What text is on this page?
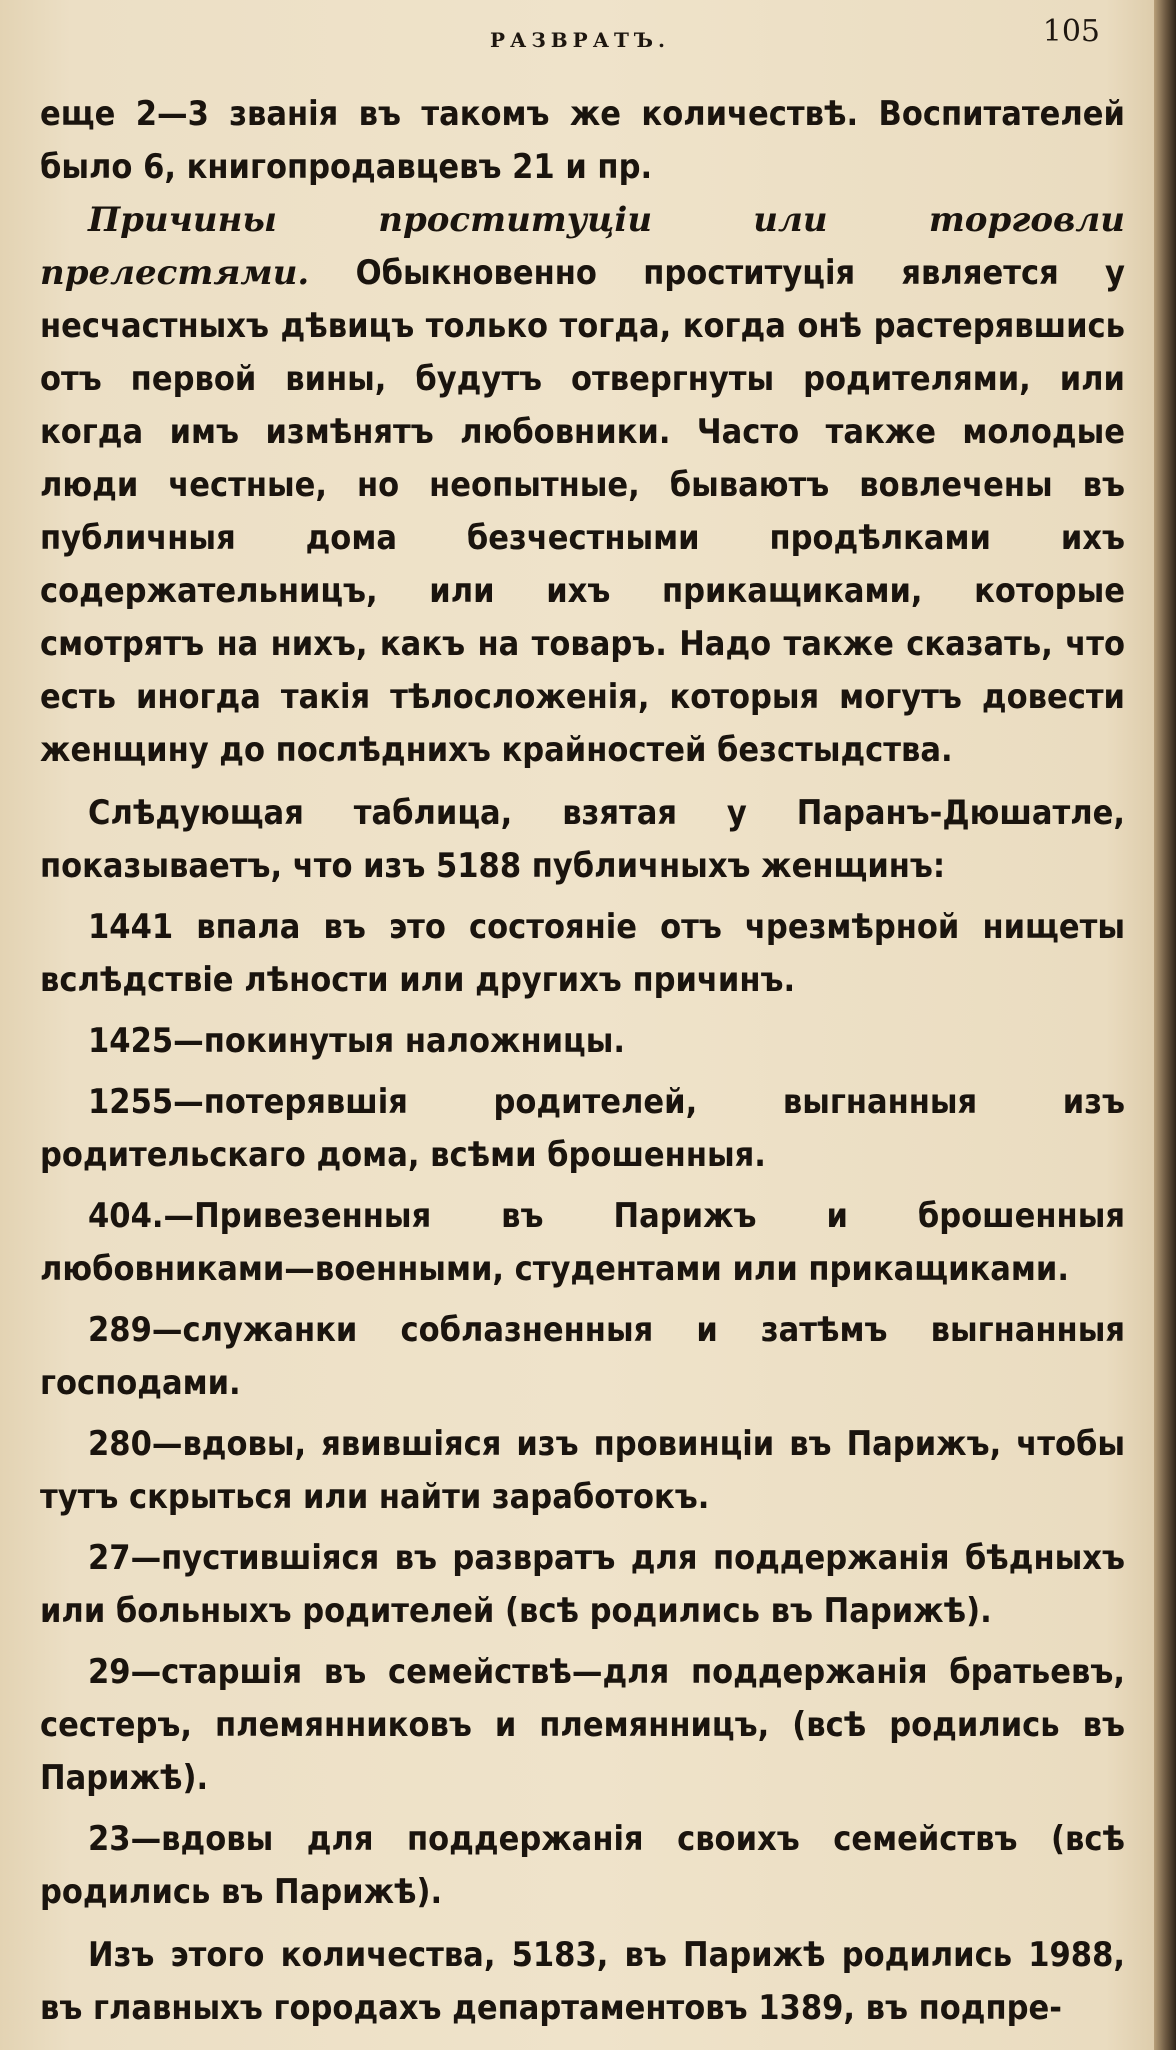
РАЗВРАТЪ.	105

еще 2—3 званія въ такомъ же количествѣ. Воспитателей было 6, книгопродавцевъ 21 и пр.

Причины проституціи или торговли прелестями. Обыкновенно проституція является у несчастныхъ дѣвицъ только тогда, когда онѣ растерявшись отъ первой вины, будутъ отвергнуты родителями, или когда имъ измѣнятъ любовники. Часто также молодые люди честные, но неопытные, бываютъ вовлечены въ публичныя дома безчестными продѣлками ихъ содержательницъ, или ихъ прикащиками, которые смотрятъ на нихъ, какъ на товаръ. Надо также сказать, что есть иногда такія тѣлосложенія, которыя могутъ довести женщину до послѣднихъ крайностей безстыдства.

Слѣдующая таблица, взятая у Паранъ-Дюшатле, показываетъ, что изъ 5188 публичныхъ женщинъ:

1441 впала въ это состояніе отъ чрезмѣрной нищеты вслѣдствіе лѣности или другихъ причинъ.

1425—покинутыя наложницы.

1255—потерявшія родителей, выгнанныя изъ родительскаго дома, всѣми брошенныя.

404.—Привезенныя въ Парижъ и брошенныя любовниками—военными, студентами или прикащиками.

289—служанки соблазненныя и затѣмъ выгнанныя господами.

280—вдовы, явившіяся изъ провинціи въ Парижъ, чтобы тутъ скрыться или найти заработокъ.

27—пустившіяся въ развратъ для поддержанія бѣдныхъ или больныхъ родителей (всѣ родились въ Парижѣ).

29—старшія въ семействѣ—для поддержанія братьевъ, сестеръ, племянниковъ и племянницъ, (всѣ родились въ Парижѣ).

23—вдовы для поддержанія своихъ семействъ (всѣ родились въ Парижѣ).

Изъ этого количества, 5183, въ Парижѣ родились 1988, въ главныхъ городахъ департаментовъ 1389, въ подпре-
